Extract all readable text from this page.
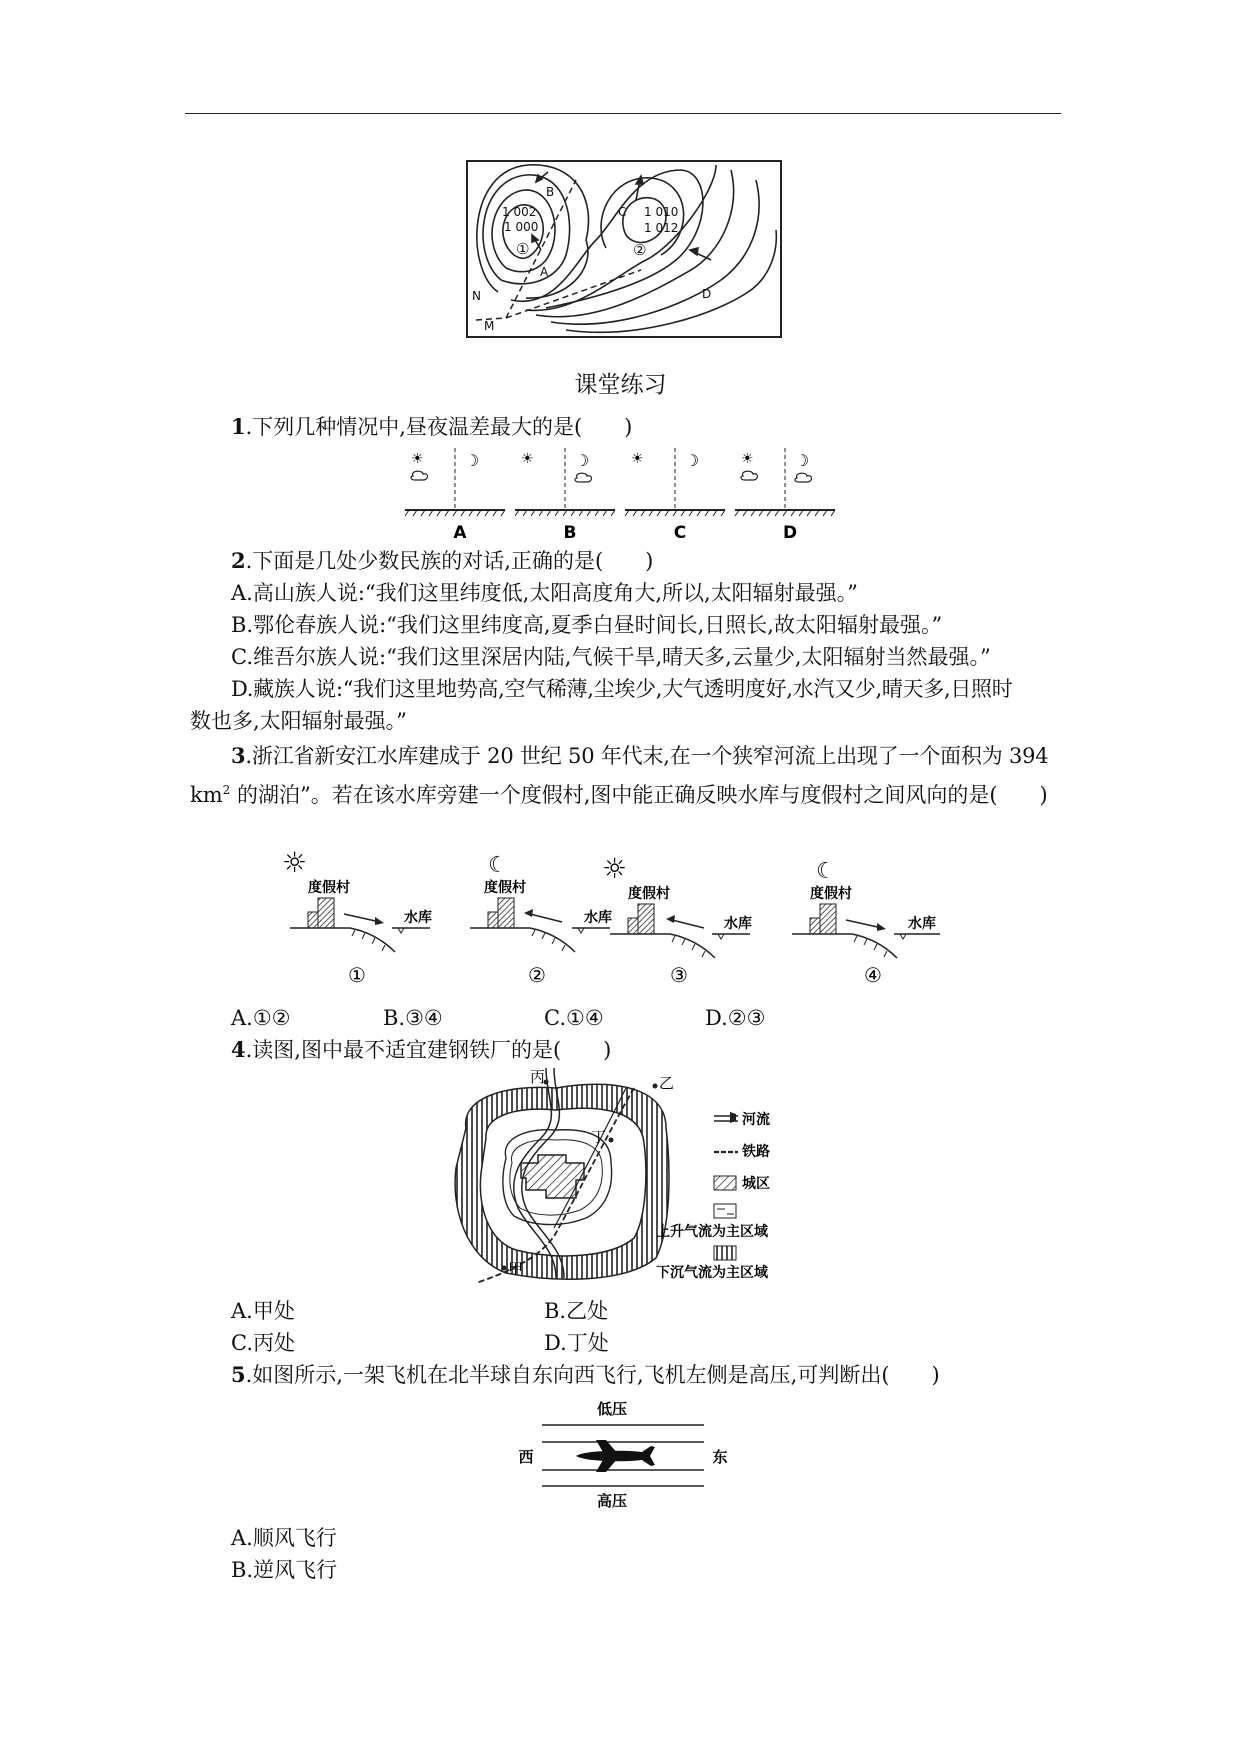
1 002
1 000
①
B
A
C 1 010
1 012
②
D
M
N
课堂练习
1.下列几种情况中,昼夜温差最大的是(　　)
☀	☽	☀	☽	☀	☽	☀	☽
A	B	C	D
2.下面是几处少数民族的对话,正确的是(　　)
A.高山族人说:“我们这里纬度低,太阳高度角大,所以,太阳辐射最强。”
B.鄂伦春族人说:“我们这里纬度高,夏季白昼时间长,日照长,故太阳辐射最强。”
C.维吾尔族人说:“我们这里深居内陆,气候干旱,晴天多,云量少,太阳辐射当然最强。”
D.藏族人说:“我们这里地势高,空气稀薄,尘埃少,大气透明度好,水汽又少,晴天多,日照时
数也多,太阳辐射最强。”
3.浙江省新安江水库建成于 20 世纪 50 年代末,在一个狭窄河流上出现了一个面积为 394
$km^2$ 的湖泊”。若在该水库旁建一个度假村,图中能正确反映水库与度假村之间风向的是(　　)
☼
度假村
水库
①
☾
度假村
水库
②
☼
度假村
水库
③
☾
度假村
水库
④
A.①②	B.③④	C.①④	D.②③
4.读图,图中最不适宜建钢铁厂的是(　　)
丙	乙
丁
甲
河流
铁路
城区
上升气流为主区域
下沉气流为主区域
A.甲处	B.乙处
C.丙处	D.丁处
5.如图所示,一架飞机在北半球自东向西飞行,飞机左侧是高压,可判断出(　　)
低压
高压
西	东
A.顺风飞行
B.逆风飞行
